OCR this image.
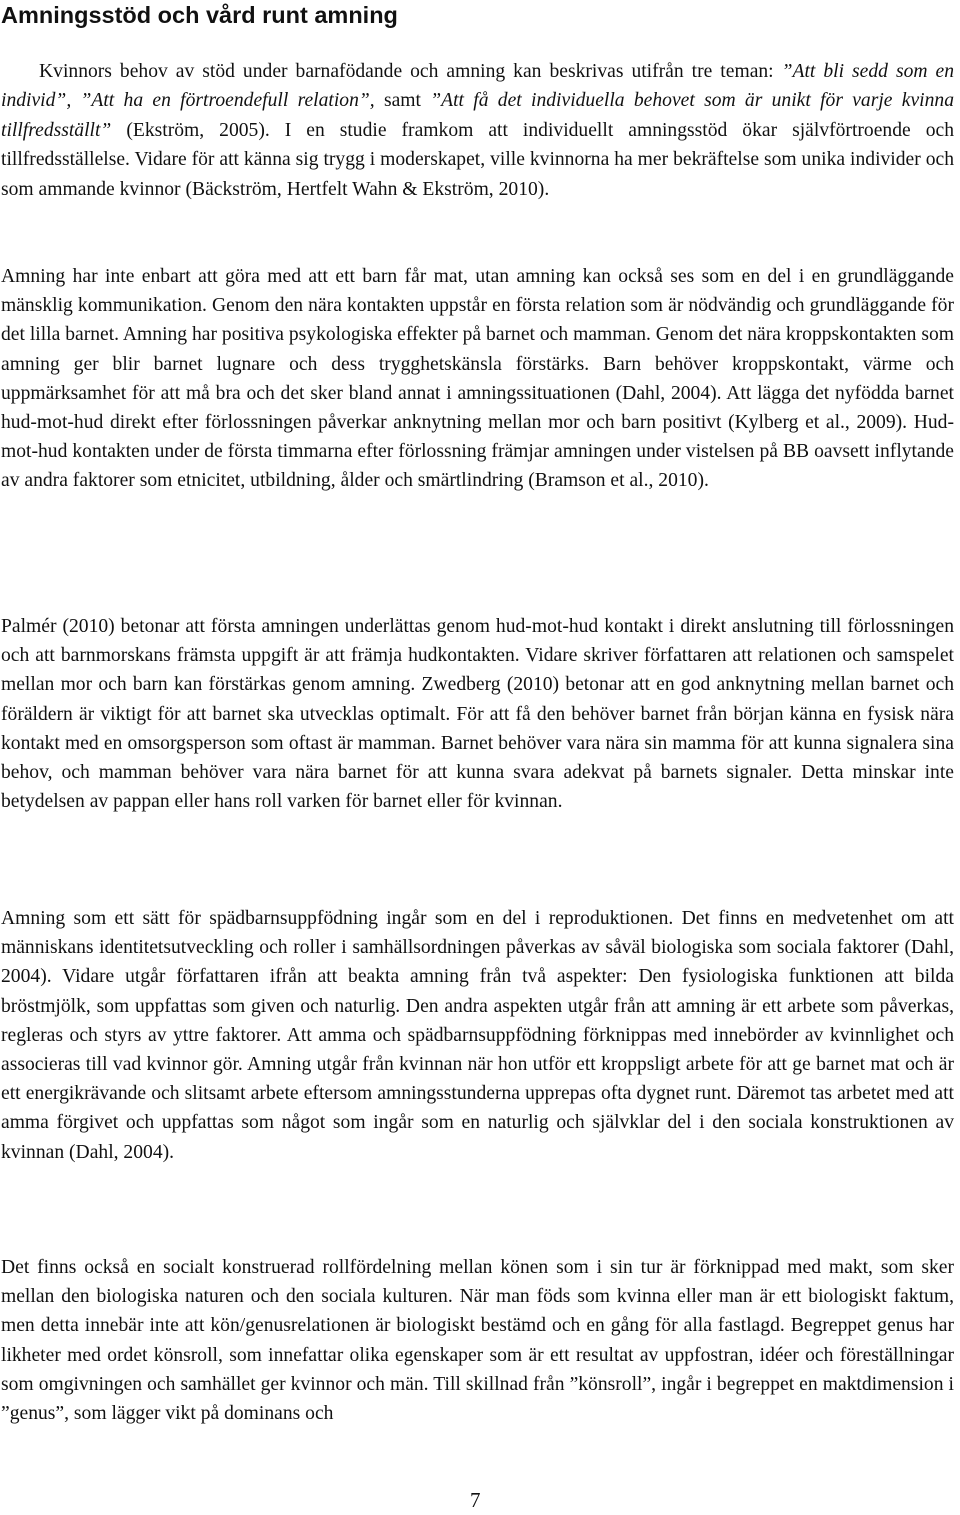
Amningsstöd och vård runt amning

Kvinnors behov av stöd under barnafödande och amning kan beskrivas utifrån tre teman: ”Att bli sedd som en individ”, ”Att ha en förtroendefull relation”, samt ”Att få det individuella behovet som är unikt för varje kvinna tillfredsställt” (Ekström, 2005). I en studie framkom att individuellt amningsstöd ökar självförtroende och tillfredsställelse. Vidare för att känna sig trygg i moderskapet, ville kvinnorna ha mer bekräftelse som unika individer och som ammande kvinnor (Bäckström, Hertfelt Wahn & Ekström, 2010).

Amning har inte enbart att göra med att ett barn får mat, utan amning kan också ses som en del i en grundläggande mänsklig kommunikation. Genom den nära kontakten uppstår en första relation som är nödvändig och grundläggande för det lilla barnet. Amning har positiva psykologiska effekter på barnet och mamman. Genom det nära kroppskontakten som amning ger blir barnet lugnare och dess trygghetskänsla förstärks. Barn behöver kroppskontakt, värme och uppmärksamhet för att må bra och det sker bland annat i amningssituationen (Dahl, 2004). Att lägga det nyfödda barnet hud-mot-hud direkt efter förlossningen påverkar anknytning mellan mor och barn positivt (Kylberg et al., 2009). Hud-mot-hud kontakten under de första timmarna efter förlossning främjar amningen under vistelsen på BB oavsett inflytande av andra faktorer som etnicitet, utbildning, ålder och smärtlindring (Bramson et al., 2010).

Palmér (2010) betonar att första amningen underlättas genom hud-mot-hud kontakt i direkt anslutning till förlossningen och att barnmorskans främsta uppgift är att främja hudkontakten. Vidare skriver författaren att relationen och samspelet mellan mor och barn kan förstärkas genom amning. Zwedberg (2010) betonar att en god anknytning mellan barnet och föräldern är viktigt för att barnet ska utvecklas optimalt. För att få den behöver barnet från början känna en fysisk nära kontakt med en omsorgsperson som oftast är mamman. Barnet behöver vara nära sin mamma för att kunna signalera sina behov, och mamman behöver vara nära barnet för att kunna svara adekvat på barnets signaler. Detta minskar inte betydelsen av pappan eller hans roll varken för barnet eller för kvinnan.

Amning som ett sätt för spädbarnsuppfödning ingår som en del i reproduktionen. Det finns en medvetenhet om att människans identitetsutveckling och roller i samhällsordningen påverkas av såväl biologiska som sociala faktorer (Dahl, 2004). Vidare utgår författaren ifrån att beakta amning från två aspekter: Den fysiologiska funktionen att bilda bröstmjölk, som uppfattas som given och naturlig. Den andra aspekten utgår från att amning är ett arbete som påverkas, regleras och styrs av yttre faktorer. Att amma och spädbarnsuppfödning förknippas med innebörder av kvinnlighet och associeras till vad kvinnor gör. Amning utgår från kvinnan när hon utför ett kroppsligt arbete för att ge barnet mat och är ett energikrävande och slitsamt arbete eftersom amningsstunderna upprepas ofta dygnet runt. Däremot tas arbetet med att amma förgivet och uppfattas som något som ingår som en naturlig och självklar del i den sociala konstruktionen av kvinnan (Dahl, 2004).

Det finns också en socialt konstruerad rollfördelning mellan könen som i sin tur är förknippad med makt, som sker mellan den biologiska naturen och den sociala kulturen. När man föds som kvinna eller man är ett biologiskt faktum, men detta innebär inte att kön/genusrelationen är biologiskt bestämd och en gång för alla fastlagd. Begreppet genus har likheter med ordet könsroll, som innefattar olika egenskaper som är ett resultat av uppfostran, idéer och föreställningar som omgivningen och samhället ger kvinnor och män. Till skillnad från ”könsroll”, ingår i begreppet en maktdimension i ”genus”, som lägger vikt på dominans och

7
